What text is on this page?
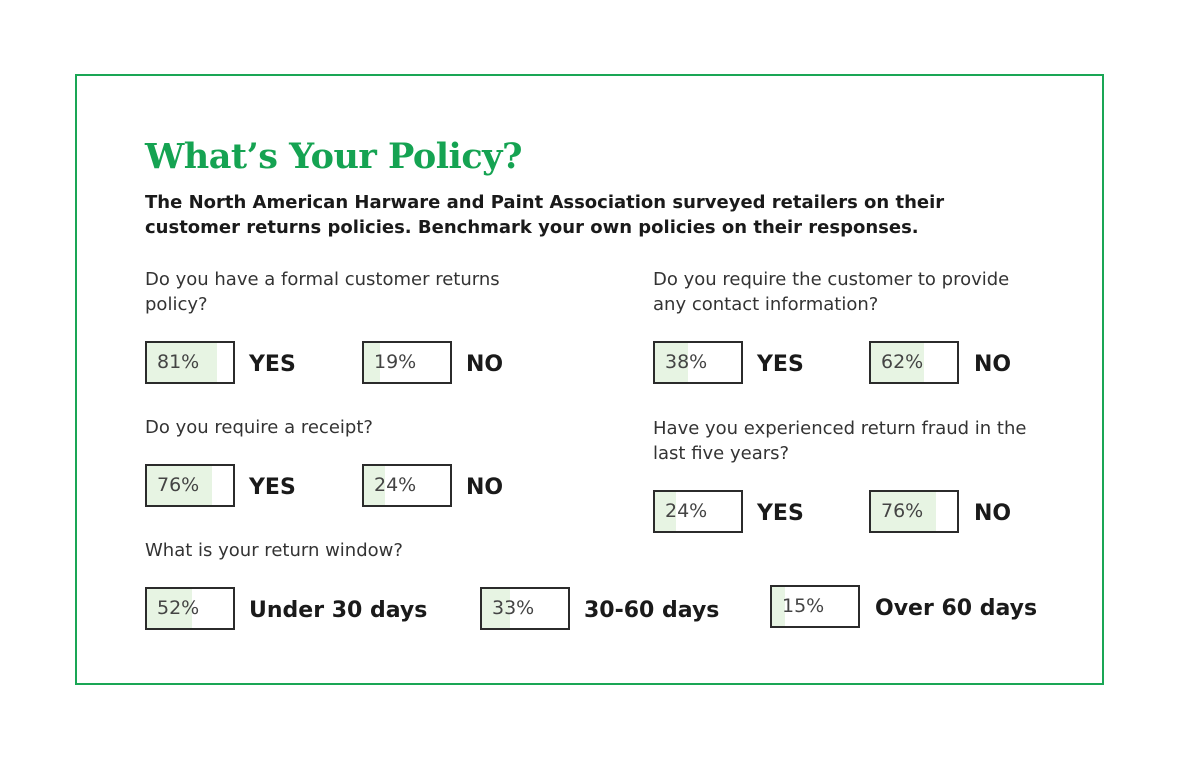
What’s Your Policy?

The North American Harware and Paint Association surveyed retailers on their customer returns policies. Benchmark your own policies on their responses.

Do you have a formal customer returns policy?

81% YES	19% NO

Do you require the customer to provide any contact information?

38% YES	62% NO

Do you require a receipt?

76% YES	24% NO

Have you experienced return fraud in the last five years?

24% YES	76% NO

What is your return window?

52% Under 30 days	33% 30-60 days	15% Over 60 days
